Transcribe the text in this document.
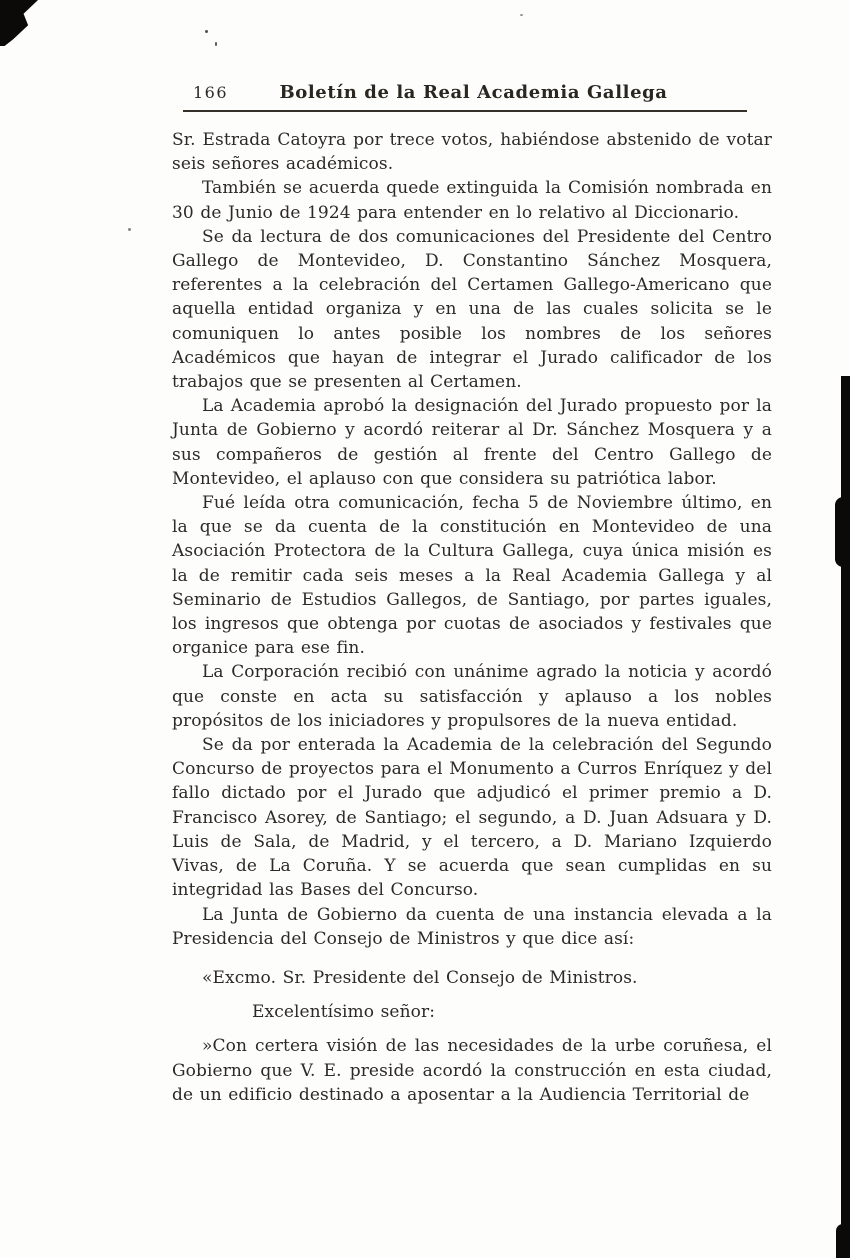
166	Boletín de la Real Academia Gallega

Sr. Estrada Catoyra por trece votos, habiéndose abstenido de votar seis señores académicos.

También se acuerda quede extinguida la Comisión nombrada en 30 de Junio de 1924 para entender en lo relativo al Diccionario.

Se da lectura de dos comunicaciones del Presidente del Centro Gallego de Montevideo, D. Constantino Sánchez Mosquera, referentes a la celebración del Certamen Gallego-Americano que aquella entidad organiza y en una de las cuales solicita se le comuniquen lo antes posible los nombres de los señores Académicos que hayan de integrar el Jurado calificador de los trabajos que se presenten al Certamen.

La Academia aprobó la designación del Jurado propuesto por la Junta de Gobierno y acordó reiterar al Dr. Sánchez Mosquera y a sus compañeros de gestión al frente del Centro Gallego de Montevideo, el aplauso con que considera su patriótica labor.

Fué leída otra comunicación, fecha 5 de Noviembre último, en la que se da cuenta de la constitución en Montevideo de una Asociación Protectora de la Cultura Gallega, cuya única misión es la de remitir cada seis meses a la Real Academia Gallega y al Seminario de Estudios Gallegos, de Santiago, por partes iguales, los ingresos que obtenga por cuotas de asociados y festivales que organice para ese fin.

La Corporación recibió con unánime agrado la noticia y acordó que conste en acta su satisfacción y aplauso a los nobles propósitos de los iniciadores y propulsores de la nueva entidad.

Se da por enterada la Academia de la celebración del Segundo Concurso de proyectos para el Monumento a Curros Enríquez y del fallo dictado por el Jurado que adjudicó el primer premio a D. Francisco Asorey, de Santiago; el segundo, a D. Juan Adsuara y D. Luis de Sala, de Madrid, y el tercero, a D. Mariano Izquierdo Vivas, de La Coruña. Y se acuerda que sean cumplidas en su integridad las Bases del Concurso.

La Junta de Gobierno da cuenta de una instancia elevada a la Presidencia del Consejo de Ministros y que dice así:

«Excmo. Sr. Presidente del Consejo de Ministros.

Excelentísimo señor:

»Con certera visión de las necesidades de la urbe coruñesa, el Gobierno que V. E. preside acordó la construcción en esta ciudad, de un edificio destinado a aposentar a la Audiencia Territorial de
